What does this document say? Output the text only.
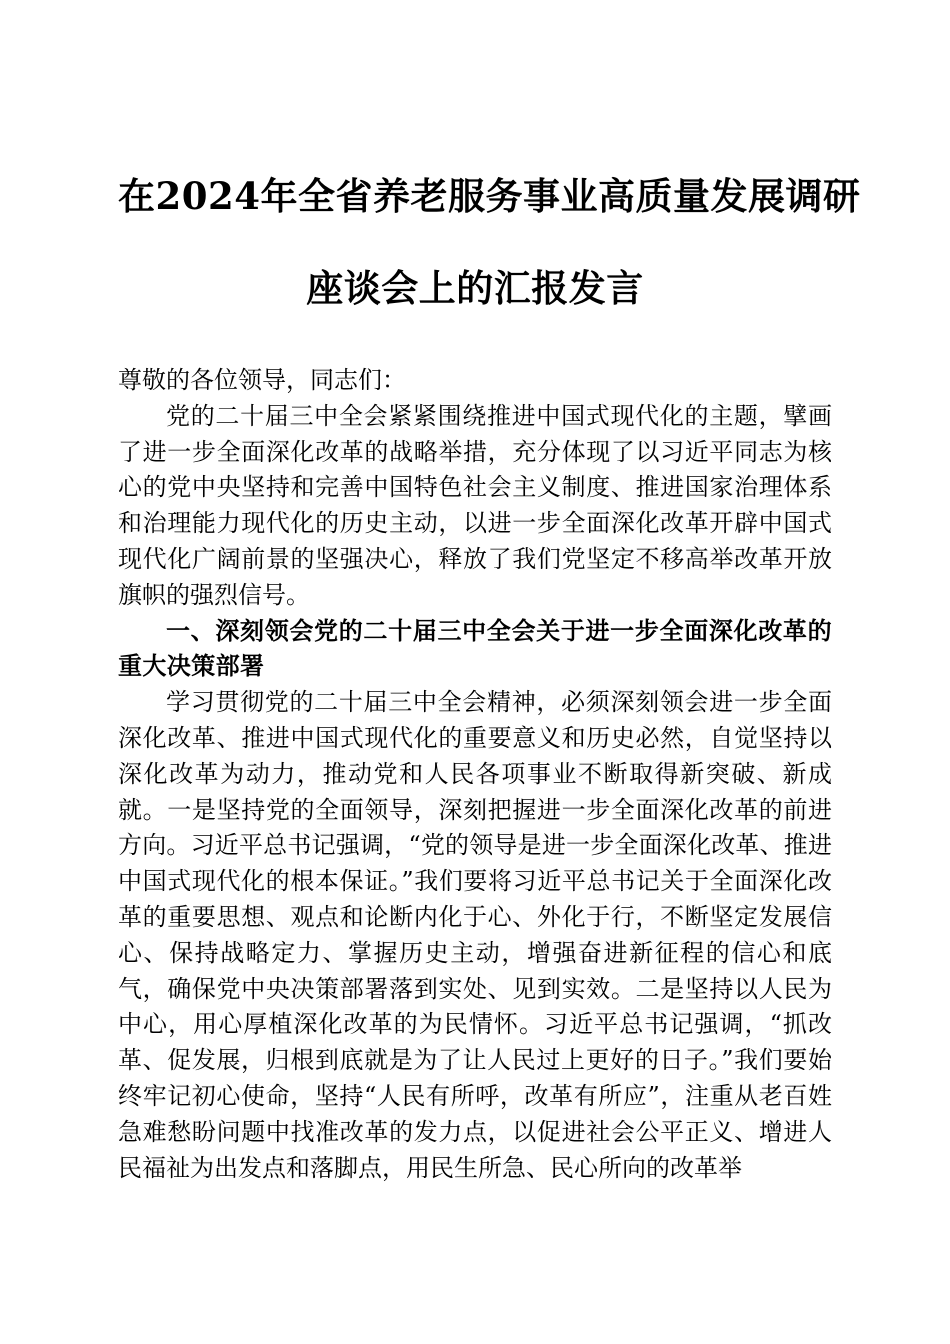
在2024年全省养老服务事业高质量发展调研
座谈会上的汇报发言

尊敬的各位领导，同志们：

党的二十届三中全会紧紧围绕推进中国式现代化的主题，擘画了进一步全面深化改革的战略举措，充分体现了以习近平同志为核心的党中央坚持和完善中国特色社会主义制度、推进国家治理体系和治理能力现代化的历史主动，以进一步全面深化改革开辟中国式现代化广阔前景的坚强决心，释放了我们党坚定不移高举改革开放旗帜的强烈信号。

一、深刻领会党的二十届三中全会关于进一步全面深化改革的重大决策部署

学习贯彻党的二十届三中全会精神，必须深刻领会进一步全面深化改革、推进中国式现代化的重要意义和历史必然，自觉坚持以深化改革为动力，推动党和人民各项事业不断取得新突破、新成就。一是坚持党的全面领导，深刻把握进一步全面深化改革的前进方向。习近平总书记强调，“党的领导是进一步全面深化改革、推进中国式现代化的根本保证。”我们要将习近平总书记关于全面深化改革的重要思想、观点和论断内化于心、外化于行，不断坚定发展信心、保持战略定力、掌握历史主动，增强奋进新征程的信心和底气，确保党中央决策部署落到实处、见到实效。二是坚持以人民为中心，用心厚植深化改革的为民情怀。习近平总书记强调，“抓改革、促发展，归根到底就是为了让人民过上更好的日子。”我们要始终牢记初心使命，坚持“人民有所呼，改革有所应”，注重从老百姓急难愁盼问题中找准改革的发力点，以促进社会公平正义、增进人民福祉为出发点和落脚点，用民生所急、民心所向的改革举
